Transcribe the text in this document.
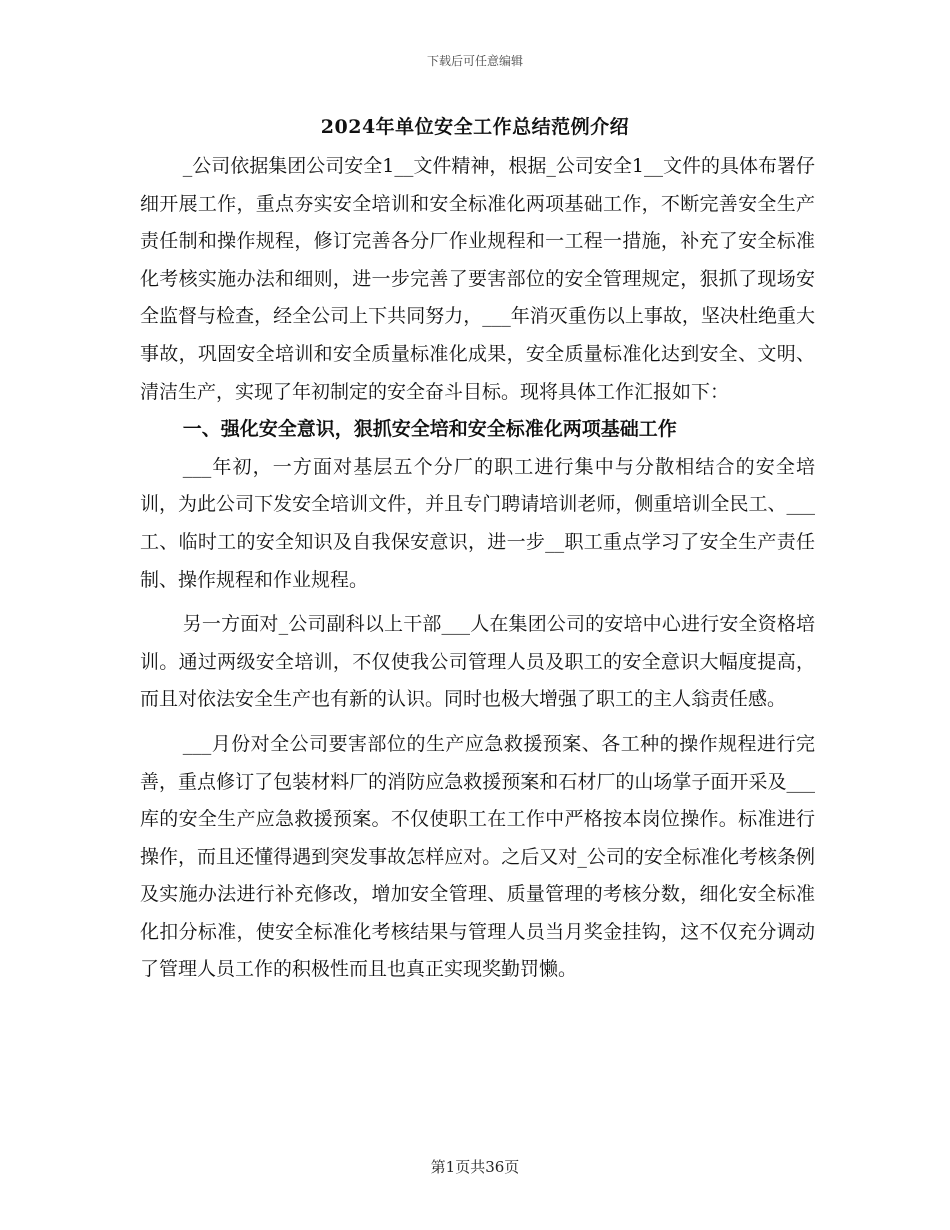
下载后可任意编辑
2024年单位安全工作总结范例介绍

_公司依据集团公司安全1__文件精神，根据_公司安全1__文件的具体布署仔细开展工作，重点夯实安全培训和安全标准化两项基础工作，不断完善安全生产责任制和操作规程，修订完善各分厂作业规程和一工程一措施，补充了安全标准化考核实施办法和细则，进一步完善了要害部位的安全管理规定，狠抓了现场安全监督与检查，经全公司上下共同努力，___年消灭重伤以上事故，坚决杜绝重大事故，巩固安全培训和安全质量标准化成果，安全质量标准化达到安全、文明、清洁生产，实现了年初制定的安全奋斗目标。现将具体工作汇报如下：

一、强化安全意识，狠抓安全培和安全标准化两项基础工作

___年初，一方面对基层五个分厂的职工进行集中与分散相结合的安全培训，为此公司下发安全培训文件，并且专门聘请培训老师，侧重培训全民工、___工、临时工的安全知识及自我保安意识，进一步__职工重点学习了安全生产责任制、操作规程和作业规程。

另一方面对_公司副科以上干部___人在集团公司的安培中心进行安全资格培训。通过两级安全培训，不仅使我公司管理人员及职工的安全意识大幅度提高，而且对依法安全生产也有新的认识。同时也极大增强了职工的主人翁责任感。

___月份对全公司要害部位的生产应急救援预案、各工种的操作规程进行完善，重点修订了包装材料厂的消防应急救援预案和石材厂的山场掌子面开采及___库的安全生产应急救援预案。不仅使职工在工作中严格按本岗位操作。标准进行操作，而且还懂得遇到突发事故怎样应对。之后又对_公司的安全标准化考核条例及实施办法进行补充修改，增加安全管理、质量管理的考核分数，细化安全标准化扣分标准，使安全标准化考核结果与管理人员当月奖金挂钩，这不仅充分调动了管理人员工作的积极性而且也真正实现奖勤罚懒。

第1页共36页
